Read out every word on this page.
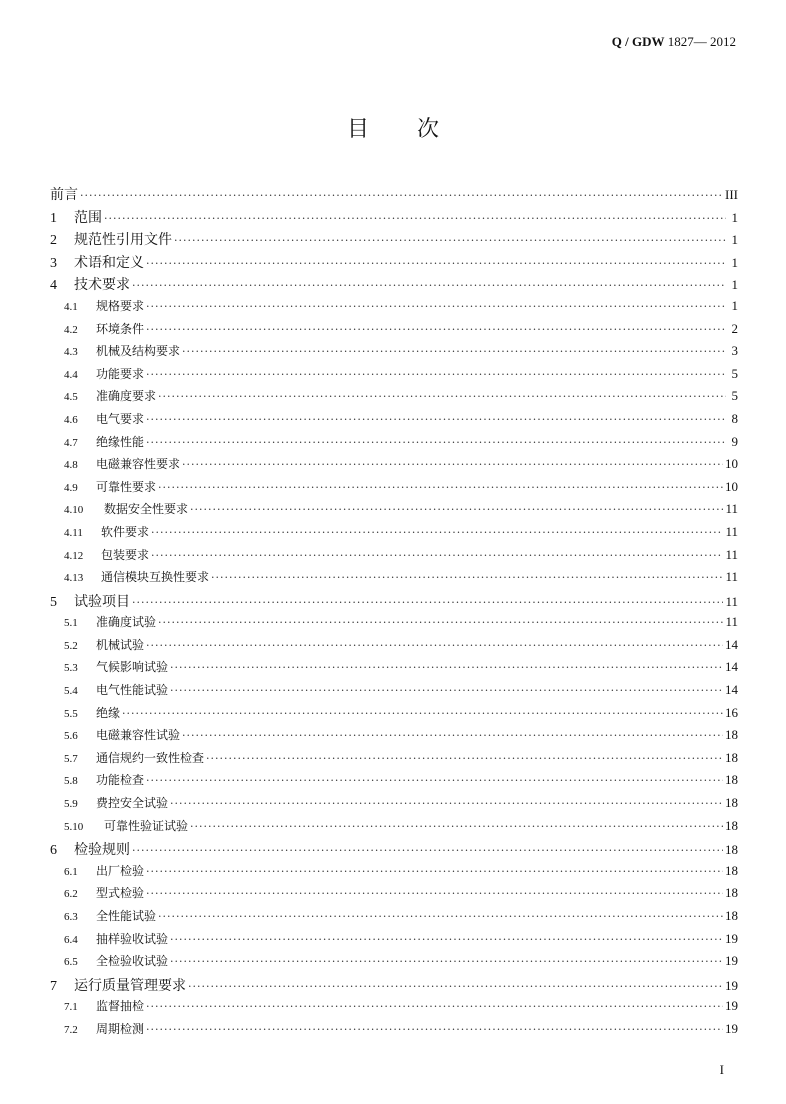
Q / GDW 1827— 2012
目次
前言 ·····	III
1	范围 ·····	1
2	规范性引用文件 ·····	1
3	术语和定义 ·····	1
4	技术要求 ·····	1
4.1	规格要求 ·····	1
4.2	环境条件 ·····	2
4.3	机械及结构要求 ·····	3
4.4	功能要求 ·····	5
4.5	准确度要求 ·····	5
4.6	电气要求 ·····	8
4.7	绝缘性能 ·····	9
4.8	电磁兼容性要求 ·····	10
4.9	可靠性要求 ·····	10
4.10	数据安全性要求 ·····	11
4.11	软件要求 ·····	11
4.12	包装要求 ·····	11
4.13	通信模块互换性要求 ·····	11
5	试验项目 ·····	11
5.1	准确度试验 ·····	11
5.2	机械试验 ·····	14
5.3	气候影响试验 ·····	14
5.4	电气性能试验 ·····	14
5.5	绝缘 ·····	16
5.6	电磁兼容性试验 ·····	18
5.7	通信规约一致性检查 ·····	18
5.8	功能检查 ·····	18
5.9	费控安全试验 ·····	18
5.10	可靠性验证试验 ·····	18
6	检验规则 ·····	18
6.1	出厂检验 ·····	18
6.2	型式检验 ·····	18
6.3	全性能试验 ·····	18
6.4	抽样验收试验 ·····	19
6.5	全检验收试验 ·····	19
7	运行质量管理要求 ·····	19
7.1	监督抽检 ·····	19
7.2	周期检测 ·····	19
I
